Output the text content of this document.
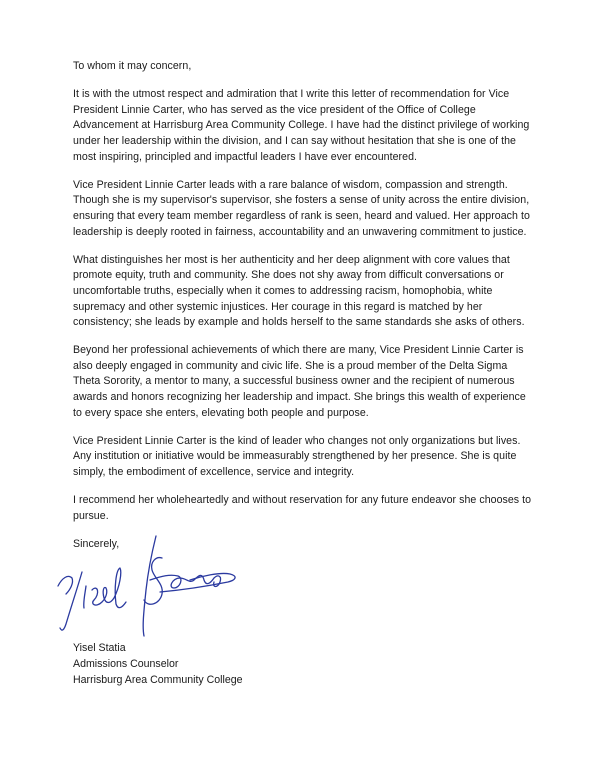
To whom it may concern,

It is with the utmost respect and admiration that I write this letter of recommendation for Vice President Linnie Carter, who has served as the vice president of the Office of College Advancement at Harrisburg Area Community College. I have had the distinct privilege of working under her leadership within the division, and I can say without hesitation that she is one of the most inspiring, principled and impactful leaders I have ever encountered.

Vice President Linnie Carter leads with a rare balance of wisdom, compassion and strength. Though she is my supervisor's supervisor, she fosters a sense of unity across the entire division, ensuring that every team member regardless of rank is seen, heard and valued. Her approach to leadership is deeply rooted in fairness, accountability and an unwavering commitment to justice.

What distinguishes her most is her authenticity and her deep alignment with core values that promote equity, truth and community. She does not shy away from difficult conversations or uncomfortable truths, especially when it comes to addressing racism, homophobia, white supremacy and other systemic injustices. Her courage in this regard is matched by her consistency; she leads by example and holds herself to the same standards she asks of others.

Beyond her professional achievements of which there are many, Vice President Linnie Carter is also deeply engaged in community and civic life. She is a proud member of the Delta Sigma Theta Sorority, a mentor to many, a successful business owner and the recipient of numerous awards and honors recognizing her leadership and impact. She brings this wealth of experience to every space she enters, elevating both people and purpose.

Vice President Linnie Carter is the kind of leader who changes not only organizations but lives. Any institution or initiative would be immeasurably strengthened by her presence. She is quite simply, the embodiment of excellence, service and integrity.

I recommend her wholeheartedly and without reservation for any future endeavor she chooses to pursue.

Sincerely,

Yisel Statia
Admissions Counselor
Harrisburg Area Community College
